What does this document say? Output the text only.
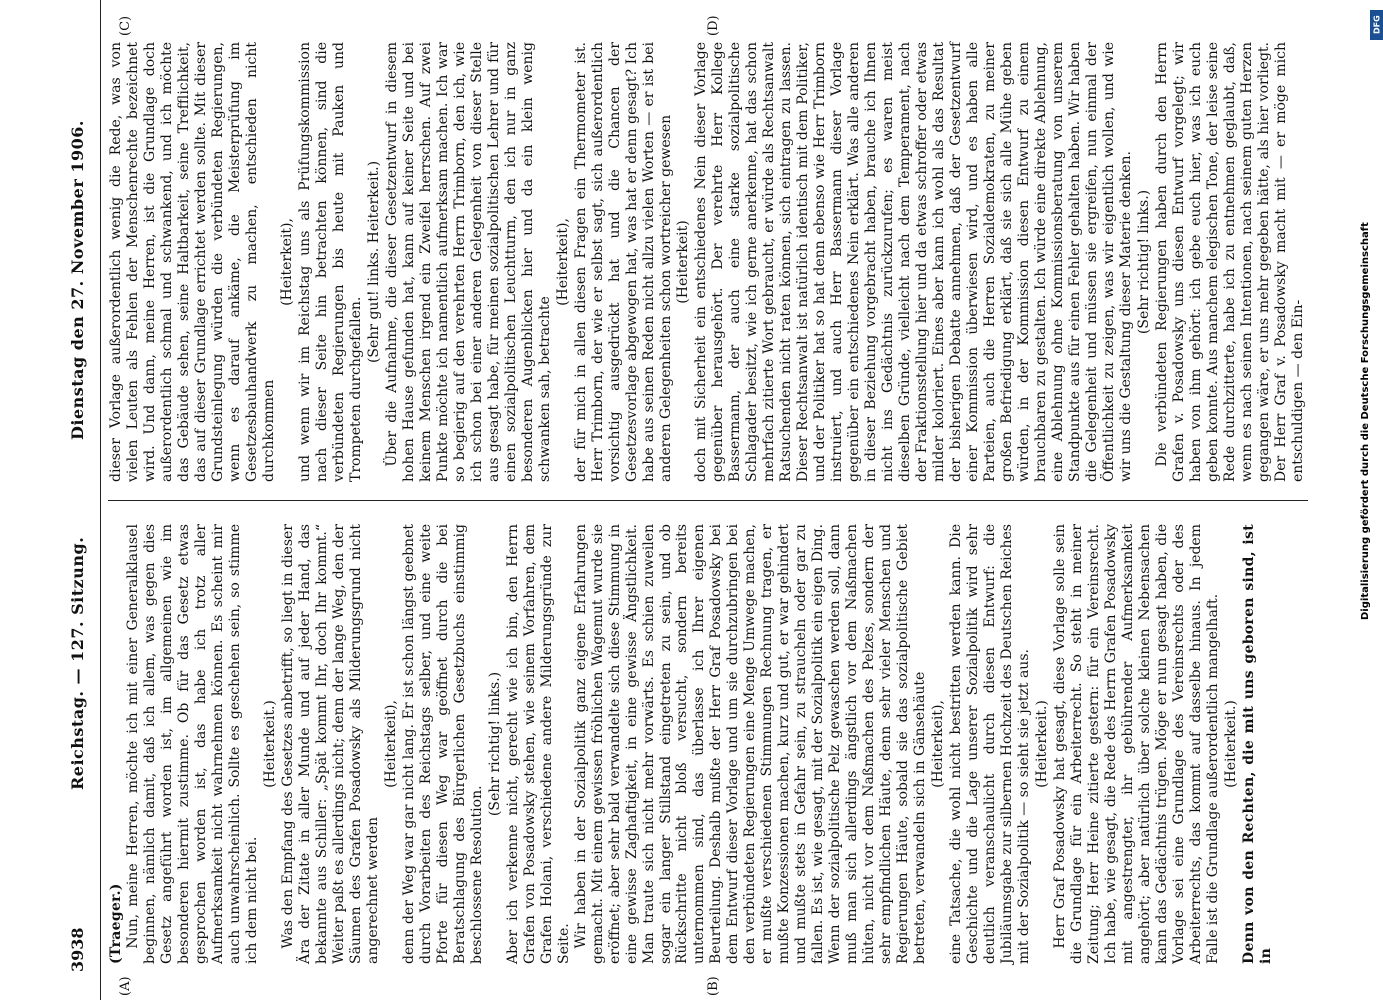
3938
Reichstag. — 127. Sitzung.
Dienstag den 27. November 1906.
(A)	(B)
(C)	(D)

(Traeger.) Nun, meine Herren, möchte ich mit einer Generalklausel beginnen, nämlich damit, daß ich allem, was gegen dies Gesetz angeführt worden ist, im allgemeinen wie im besonderen hiermit zustimme. Ob für das Gesetz etwas gesprochen worden ist, das habe ich trotz aller Aufmerksamkeit nicht wahrnehmen können. Es scheint mir auch unwahrscheinlich. Sollte es geschehen sein, so stimme ich dem nicht bei.

(Heiterkeit.) Was den Empfang des Gesetzes anbetrifft, so liegt in dieser Ära der Zitate in aller Munde und auf jeder Hand, das bekannte aus Schiller: „Spät kommt Ihr, doch Ihr kommt.“ Weiter paßt es allerdings nicht; denn der lange Weg, den der Säumen des Grafen Posadowsky als Milderungsgrund nicht angerechnet werden

(Heiterkeit), denn der Weg war gar nicht lang. Er ist schon längst geebnet durch Vorarbeiten des Reichstags selber, und eine weite Pforte für diesen Weg war geöffnet durch die bei Beratschlagung des Bürgerlichen Gesetzbuchs einstimmig beschlossene Resolution.

(Sehr richtig! links.) Aber ich verkenne nicht, gerecht wie ich bin, den Herrn Grafen von Posadowsky stehen, wie seinem Vorfahren, dem Grafen Holani, verschiedene andere Milderungsgründe zur Seite. Wir haben in der Sozialpolitik ganz eigene Erfahrungen gemacht. Mit einem gewissen fröhlichen Wagemut wurde sie eröffnet; aber sehr bald verwandelte sich diese Stimmung in eine gewisse Zaghaftigkeit, in eine gewisse Ängstlichkeit. Man traute sich nicht mehr vorwärts. Es schien zuweilen sogar ein langer Stillstand eingetreten zu sein, und ob Rückschritte nicht bloß versucht, sondern bereits unternommen sind, das überlasse ich Ihrer eigenen Beurteilung. Deshalb mußte der Herr Graf Posadowsky bei dem Entwurf dieser Vorlage und um sie durchzubringen bei den verbündeten Regierungen eine Menge Umwege machen, er mußte verschiedenen Stimmungen Rechnung tragen, er mußte Konzessionen machen, kurz und gut, er war gehindert und mußte stets in Gefahr sein, zu straucheln oder gar zu fallen. Es ist, wie gesagt, mit der Sozialpolitik ein eigen Ding. Wenn der sozialpolitische Pelz gewaschen werden soll, dann muß man sich allerdings ängstlich vor dem Naßmachen hüten, nicht vor dem Naßmachen des Pelzes, sondern der sehr empfindlichen Häute, denn sehr vieler Menschen und Regierungen Häute, sobald sie das sozialpolitische Gebiet betreten, verwandeln sich in Gänsehäute (Heiterkeit), eine Tatsache, die wohl nicht bestritten werden kann. Die Geschichte und die Lage unserer Sozialpolitik wird sehr deutlich veranschaulicht durch diesen Entwurf: die Jubiläumsgabe zur silbernen Hochzeit des Deutschen Reiches mit der Sozialpolitik — so sieht sie jetzt aus. (Heiterkeit.) Herr Graf Posadowsky hat gesagt, diese Vorlage solle sein die Grundlage für ein Arbeiterrecht. So steht in meiner Zeitung; Herr Heine zitierte gestern: für ein Vereinsrecht. Ich habe, wie gesagt, die Rede des Herrn Grafen Posadowsky mit angestrengter, ihr gebührender Aufmerksamkeit angehört; aber natürlich über solche kleinen Nebensachen kann das Gedächtnis trügen. Möge er nun gesagt haben, die Vorlage sei eine Grundlage des Vereinsrechts oder des Arbeiterrechts, das kommt auf dasselbe hinaus. In jedem Falle ist die Grundlage außerordentlich mangelhaft. (Heiterkeit.) Denn von den Rechten, die mit uns geboren sind, ist in

dieser Vorlage außerordentlich wenig die Rede, was von vielen Leuten als Fehlen der Menschenrechte bezeichnet wird. Und dann, meine Herren, ist die Grundlage doch außerordentlich schmal und schwankend, und ich möchte das Gebäude sehen, seine Haltbarkeit, seine Trefflichkeit, das auf dieser Grundlage errichtet werden sollte. Mit dieser Grundsteinlegung würden die verbündeten Regierungen, wenn es darauf ankäme, die Meisterprüfung im Gesetzesbauhandwerk zu machen, entschieden nicht durchkommen

(Heiterkeit), und wenn wir im Reichstag uns als Prüfungskommission nach dieser Seite hin betrachten können, sind die verbündeten Regierungen bis heute mit Pauken und Trompeten durchgefallen.

(Sehr gut! links. Heiterkeit.) Über die Aufnahme, die dieser Gesetzentwurf in diesem hohen Hause gefunden hat, kann auf keiner Seite und bei keinem Menschen irgend ein Zweifel herrschen. Auf zwei Punkte möchte ich namentlich aufmerksam machen. Ich war so begierig auf den verehrten Herrn Trimborn, den ich, wie ich schon bei einer anderen Gelegenheit von dieser Stelle aus gesagt habe, für meinen sozialpolitischen Lehrer und für einen sozialpolitischen Leuchtturm, den ich nur in ganz besonderen Augenblicken hier und da ein klein wenig schwanken sah, betrachte

(Heiterkeit), der für mich in allen diesen Fragen ein Thermometer ist. Herr Trimborn, der wie er selbst sagt, sich außerordentlich vorsichtig ausgedrückt hat und die Chancen der Gesetzesvorlage abgewogen hat, was hat er denn gesagt? Ich habe aus seinen Reden nicht allzu vielen Worten — er ist bei anderen Gelegenheiten schon wortreicher gewesen (Heiterkeit) doch mit Sicherheit ein entschiedenes Nein dieser Vorlage gegenüber herausgehört. Der verehrte Herr Kollege Bassermann, der auch eine starke sozialpolitische Schlagader besitzt, wie ich gerne anerkenne, hat das schon mehrfach zitierte Wort gebraucht, er würde als Rechtsanwalt Ratsuchenden nicht raten können, sich eintragen zu lassen. Dieser Rechtsanwalt ist natürlich identisch mit dem Politiker, und der Politiker hat so hat denn ebenso wie Herr Trimborn instruiert, und auch Herr Bassermann dieser Vorlage gegenüber ein entschiedenes Nein erklärt. Was alle anderen in dieser Beziehung vorgebracht haben, brauche ich Ihnen nicht ins Gedächtnis zurückzurufen; es waren meist dieselben Gründe, vielleicht nach dem Temperament, nach der Fraktionsstellung hier und da etwas schroffer oder etwas milder koloriert. Eines aber kann ich wohl als das Resultat der bisherigen Debatte annehmen, daß der Gesetzentwurf einer Kommission überwiesen wird, und es haben alle Parteien, auch die Herren Sozialdemokraten, zu meiner großen Befriedigung erklärt, daß sie sich alle Mühe geben würden, in der Kommission diesen Entwurf zu einem brauchbaren zu gestalten. Ich würde eine direkte Ablehnung, eine Ablehnung ohne Kommissionsberatung von unserem Standpunkte aus für einen Fehler gehalten haben. Wir haben die Gelegenheit und müssen sie ergreifen, nun einmal der Öffentlichkeit zu zeigen, was wir eigentlich wollen, und wie wir uns die Gestaltung dieser Materie denken. (Sehr richtig! links.) Die verbündeten Regierungen haben durch den Herrn Grafen v. Posadowsky uns diesen Entwurf vorgelegt; wir haben von ihm gehört: ich gebe euch hier, was ich euch geben konnte. Aus manchem elegischen Tone, der leise seine Rede durchzitterte, habe ich zu entnehmen geglaubt, daß, wenn es nach seinen Intentionen, nach seinem guten Herzen gegangen wäre, er uns mehr gegeben hätte, als hier vorliegt. Der Herr Graf v. Posadowsky macht mit — er möge mich entschuldigen — den Ein-	Digitalisierung gefördert durch die Deutsche Forschungsgemeinschaft
DFG
